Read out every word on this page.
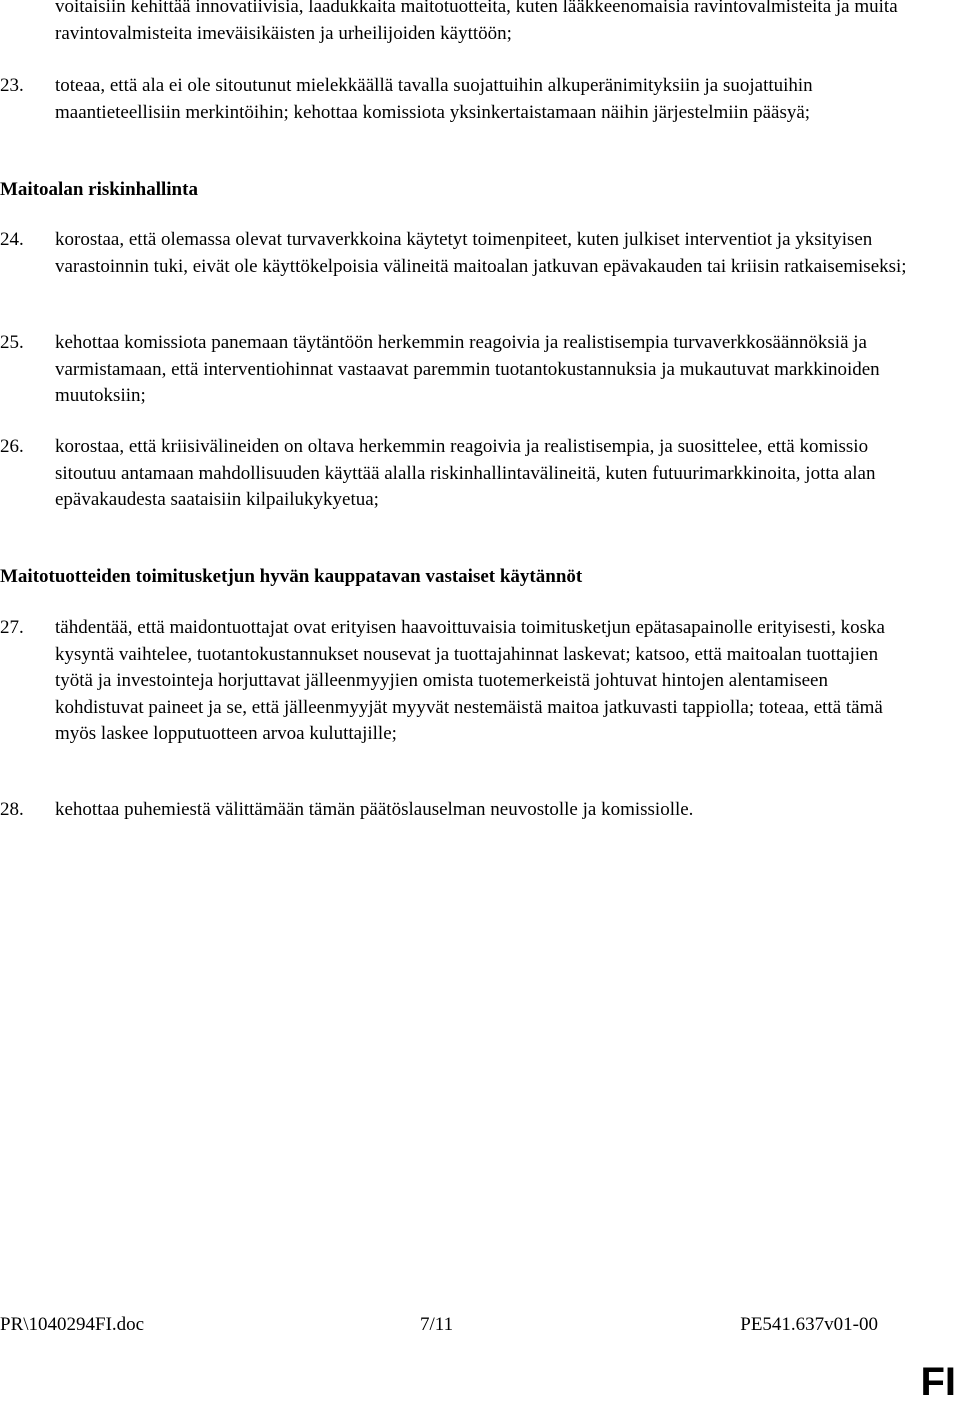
voitaisiin kehittää innovatiivisia, laadukkaita maitotuotteita, kuten lääkkeenomaisia ravintovalmisteita ja muita ravintovalmisteita imeväisikäisten ja urheilijoiden käyttöön;
23.	toteaa, että ala ei ole sitoutunut mielekkäällä tavalla suojattuihin alkuperänimityksiin ja suojattuihin maantieteellisiin merkintöihin; kehottaa komissiota yksinkertaistamaan näihin järjestelmiin pääsyä;
Maitoalan riskinhallinta
24.	korostaa, että olemassa olevat turvaverkkoina käytetyt toimenpiteet, kuten julkiset interventiot ja yksityisen varastoinnin tuki, eivät ole käyttökelpoisia välineitä maitoalan jatkuvan epävakauden tai kriisin ratkaisemiseksi;
25.	kehottaa komissiota panemaan täytäntöön herkemmin reagoivia ja realistisempia turvaverkkosäännöksiä ja varmistamaan, että interventiohinnat vastaavat paremmin tuotantokustannuksia ja mukautuvat markkinoiden muutoksiin;
26.	korostaa, että kriisivälineiden on oltava herkemmin reagoivia ja realistisempia, ja suosittelee, että komissio sitoutuu antamaan mahdollisuuden käyttää alalla riskinhallintavälineitä, kuten futuurimarkkinoita, jotta alan epävakaudesta saataisiin kilpailukykyetua;
Maitotuotteiden toimitusketjun hyvän kauppatavan vastaiset käytännöt
27.	tähdentää, että maidontuottajat ovat erityisen haavoittuvaisia toimitusketjun epätasapainolle erityisesti, koska kysyntä vaihtelee, tuotantokustannukset nousevat ja tuottajahinnat laskevat; katsoo, että maitoalan tuottajien työtä ja investointeja horjuttavat jälleenmyyjien omista tuotemerkeistä johtuvat hintojen alentamiseen kohdistuvat paineet ja se, että jälleenmyyjät myyvät nestemäistä maitoa jatkuvasti tappiolla; toteaa, että tämä myös laskee lopputuotteen arvoa kuluttajille;
28.	kehottaa puhemiestä välittämään tämän päätöslauselman neuvostolle ja komissiolle.
PR\1040294FI.doc	7/11	PE541.637v01-00
FI
